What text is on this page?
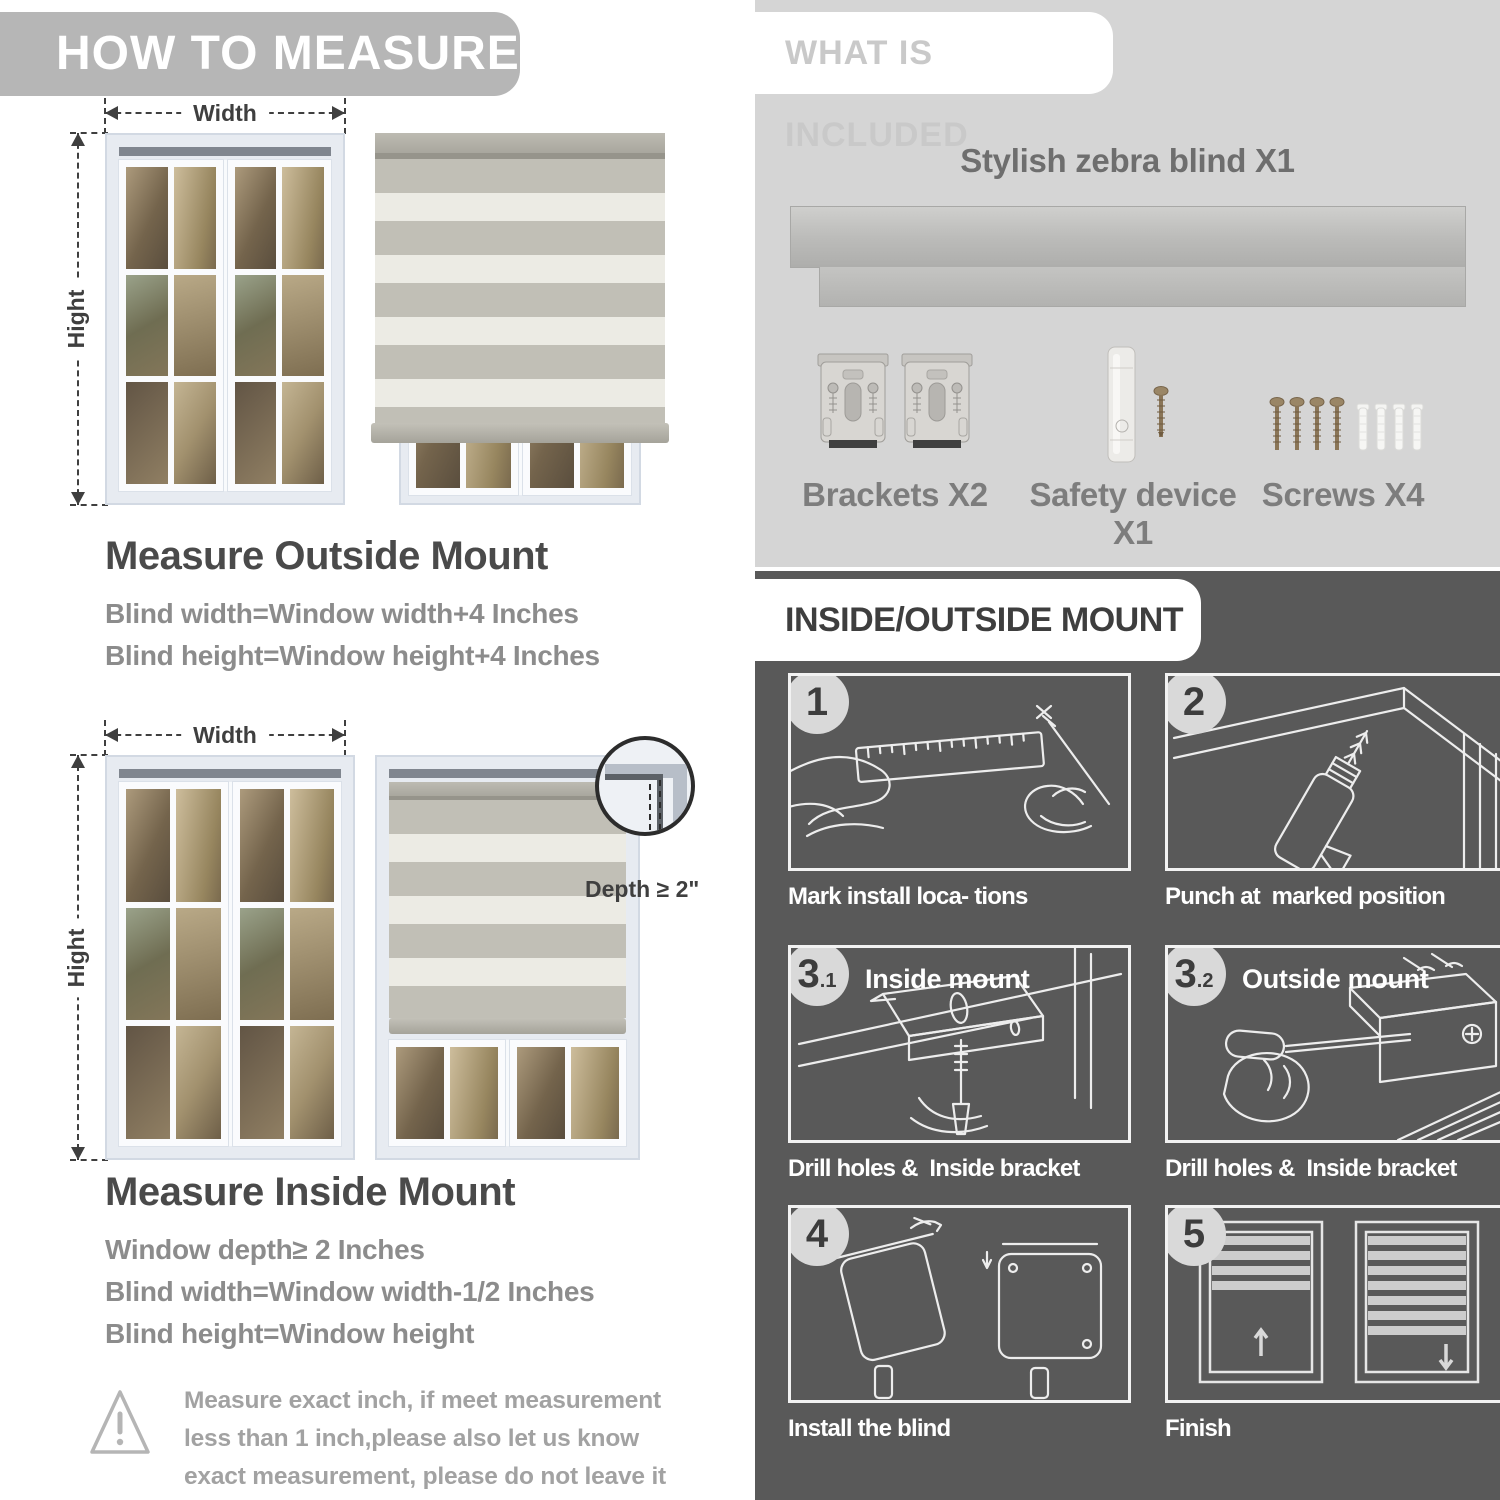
HOW TO MEASURE
Width
Hight

Measure Outside Mount

Blind width=Window width+4 Inches

Blind height=Window height+4 Inches

Width
Hight
Depth ≥ 2"

Measure Inside Mount

Window depth≥ 2 Inches

Blind width=Window width-1/2 Inches

Blind height=Window height

Measure exact inch, if meet measurement less than 1 inch,please also let us know exact measurement, please do not leave it
WHAT IS INCLUDED
Stylish zebra blind X1
Brackets X2	Safety device X1
Screws X4
INSIDE/OUTSIDE MOUNT
1
Mark install loca- tions
2
Punch at  marked position
3 .1 Inside mount
Drill holes &  Inside bracket
3 .2 Outside mount
Drill holes &  Inside bracket
4
Install the blind
5
Finish
